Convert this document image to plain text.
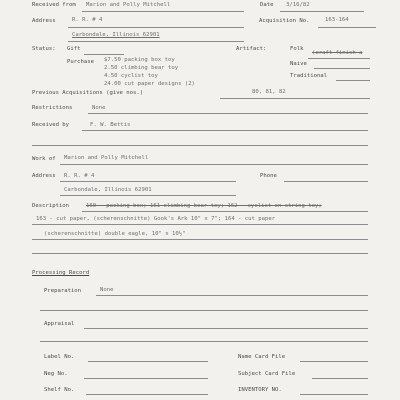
Received from Marion and Polly Mitchell	Date 3/16/82
Address	R. R. # 4	Acquisition No.	163-164
Carbondale, Illinois 62901
Status: Gift
Purchase $7.50 packing box toy
2.50 climbing bear toy
4.50 cyclist toy
24.00 cut paper designs (2)
Artifact:	Folk
(craft finish a
Naive
Traditional
Previous Acquisitions (give nos.)	80, 81, 82
Restrictions	None
Received by	F. W. Bettis
Work of Marion and Polly Mitchell
Address R. R. # 4	Phone
Carbondale, Illinois 62901
Description	160 - packing box; 161 climbing bear toy; 162 - cyclist on string toy;
163 - cut paper, (scherenschnitte) Gook's Ark 10" x 7"; 164 - cut paper
(scherenschnitte) double eagle, 10" x 10½"
Processing Record
Preparation	None
Appraisal
Label No.	Name Card File
Neg No.	Subject Card File
Shelf No.	INVENTORY NO.
